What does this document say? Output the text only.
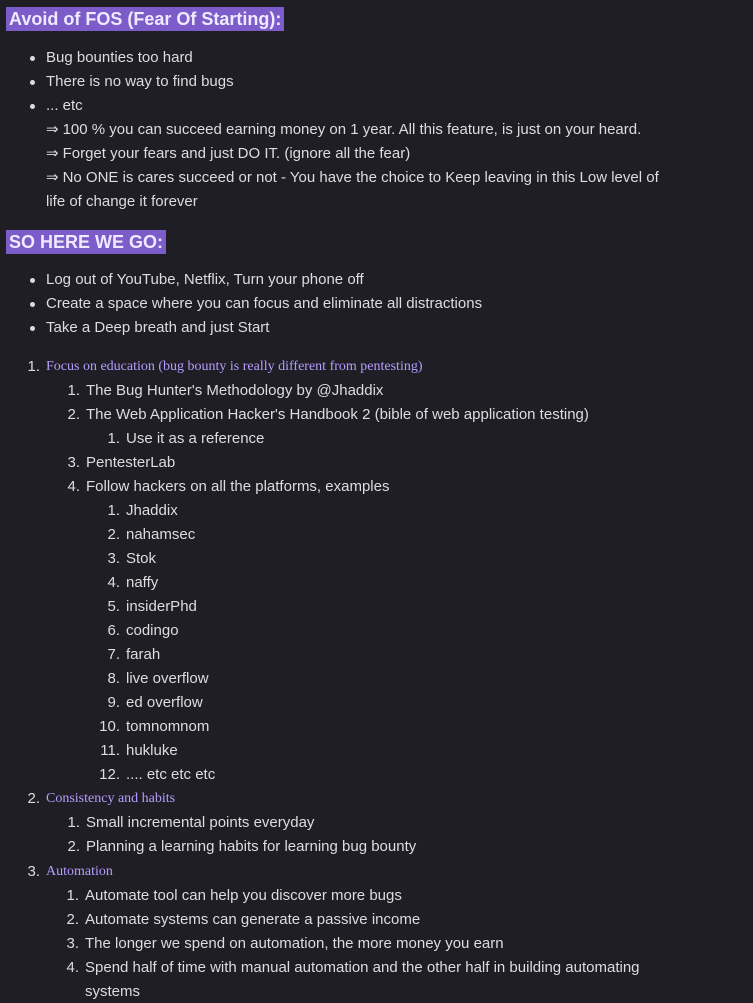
Avoid of FOS (Fear Of Starting):
Bug bounties too hard
There is no way to find bugs
... etc
⇒ 100 % you can succeed earning money on 1 year. All this feature, is just on your heard.
⇒ Forget your fears and just DO IT. (ignore all the fear)
⇒ No ONE is cares succeed or not - You have the choice to Keep leaving in this Low level of
life of change it forever
SO HERE WE GO:
Log out of YouTube, Netflix, Turn your phone off
Create a space where you can focus and eliminate all distractions
Take a Deep breath and just Start
1. Focus on education (bug bounty is really different from pentesting)
1. The Bug Hunter's Methodology by @Jhaddix
2. The Web Application Hacker's Handbook 2 (bible of web application testing)
1. Use it as a reference
3. PentesterLab
4. Follow hackers on all the platforms, examples
1. Jhaddix
2. nahamsec
3. Stok
4. naffy
5. insiderPhd
6. codingo
7. farah
8. live overflow
9. ed overflow
10. tomnomnom
11. hukluke
12. .... etc etc etc
2. Consistency and habits
1. Small incremental points everyday
2. Planning a learning habits for learning bug bounty
3. Automation
1. Automate tool can help you discover more bugs
2. Automate systems can generate a passive income
3. The longer we spend on automation, the more money you earn
4. Spend half of time with manual automation and the other half in building automating
systems
